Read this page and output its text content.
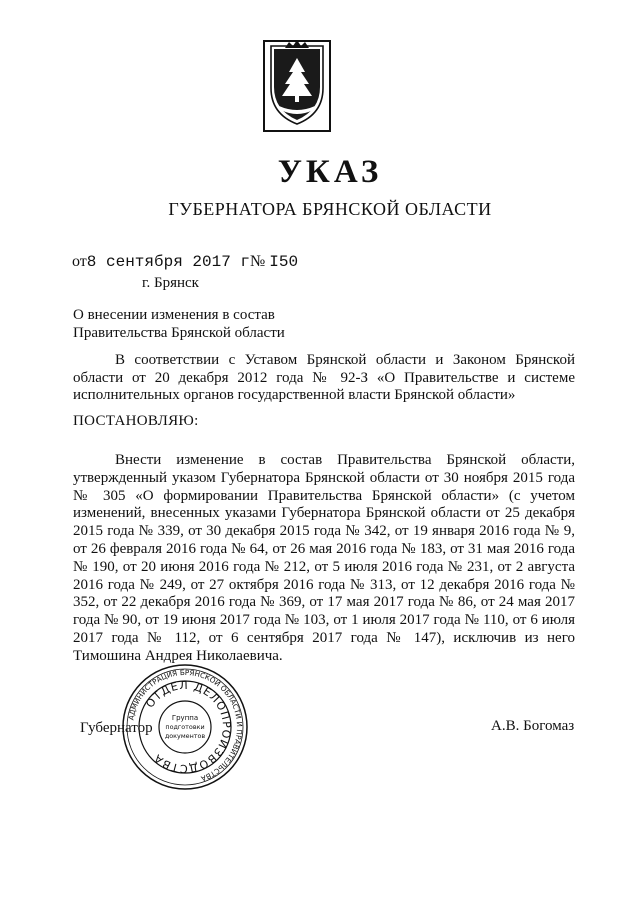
УКАЗ
ГУБЕРНАТОРА БРЯНСКОЙ ОБЛАСТИ
от8 сентября 2017 г№ I50
г. Брянск
О внесении изменения в состав
Правительства Брянской области
В соответствии с Уставом Брянской области и Законом Брянской области от 20 декабря 2012 года № 92-З «О Правительстве и системе исполнительных органов государственной власти Брянской области»
ПОСТАНОВЛЯЮ:
Внести изменение в состав Правительства Брянской области, утвержденный указом Губернатора Брянской области от 30 ноября 2015 года № 305 «О формировании Правительства Брянской области» (с учетом изменений, внесенных указами Губернатора Брянской области от 25 декабря 2015 года № 339, от 30 декабря 2015 года № 342, от 19 января 2016 года № 9, от 26 февраля 2016 года № 64, от 26 мая 2016 года № 183, от 31 мая 2016 года № 190, от 20 июня 2016 года № 212, от 5 июля 2016 года № 231, от 2 августа 2016 года № 249, от 27 октября 2016 года № 313, от 12 декабря 2016 года № 352, от 22 декабря 2016 года № 369, от 17 мая 2017 года № 86, от 24 мая 2017 года № 90, от 19 июня 2017 года № 103, от 1 июля 2017 года № 110, от 6 июля 2017 года № 112, от 6 сентября 2017 года № 147), исключив из него Тимошина Андрея Николаевича.
Губернатор	А.В. Богомаз
АДМИНИСТРАЦИЯ БРЯНСКОЙ ОБЛАСТИ И ПРАВИТЕЛЬСТВА
ОТДЕЛ ДЕЛОПРОИЗВОДСТВА
Группа
подготовки
документов
